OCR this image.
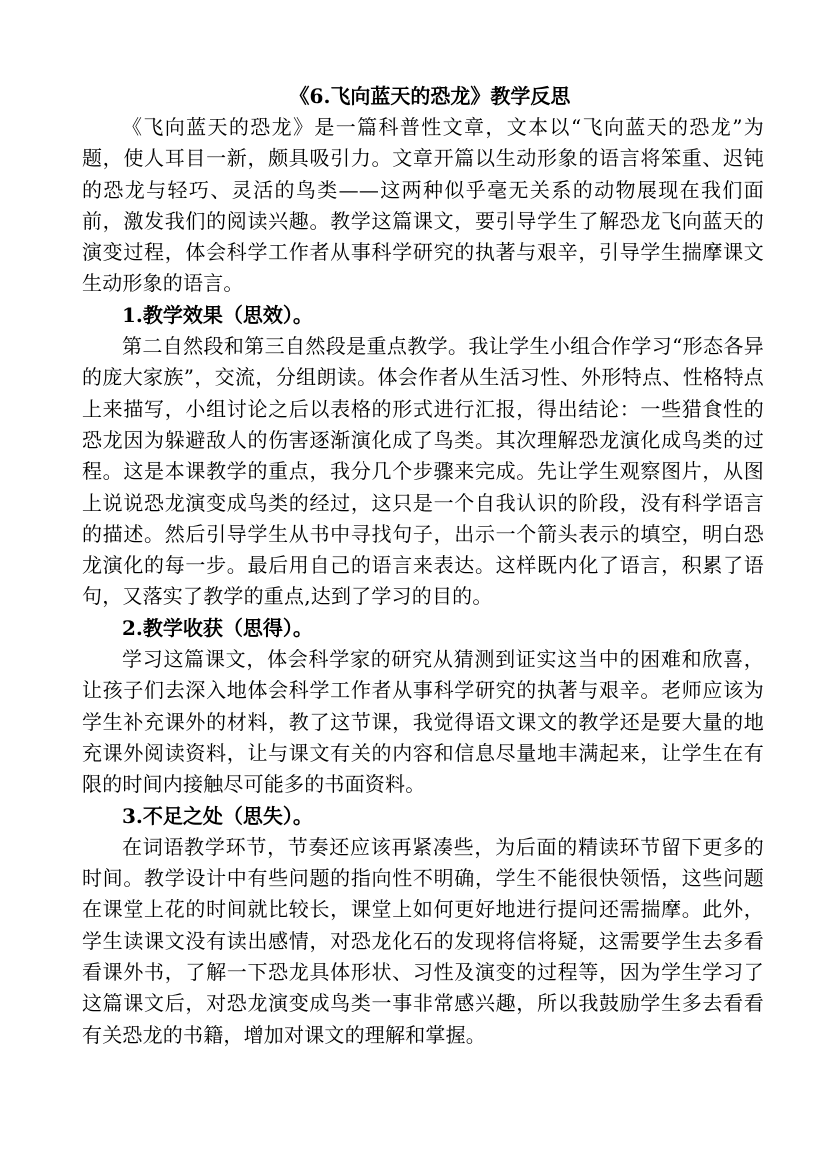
《6.飞向蓝天的恐龙》教学反思

《飞向蓝天的恐龙》是一篇科普性文章，文本以“飞向蓝天的恐龙”为题，使人耳目一新，颇具吸引力。文章开篇以生动形象的语言将笨重、迟钝的恐龙与轻巧、灵活的鸟类——这两种似乎毫无关系的动物展现在我们面前，激发我们的阅读兴趣。教学这篇课文，要引导学生了解恐龙飞向蓝天的演变过程，体会科学工作者从事科学研究的执著与艰辛，引导学生揣摩课文生动形象的语言。

1.教学效果（思效）。

第二自然段和第三自然段是重点教学。我让学生小组合作学习“形态各异的庞大家族”，交流，分组朗读。体会作者从生活习性、外形特点、性格特点上来描写，小组讨论之后以表格的形式进行汇报，得出结论：一些猎食性的恐龙因为躲避敌人的伤害逐渐演化成了鸟类。其次理解恐龙演化成鸟类的过程。这是本课教学的重点，我分几个步骤来完成。先让学生观察图片，从图上说说恐龙演变成鸟类的经过，这只是一个自我认识的阶段，没有科学语言的描述。然后引导学生从书中寻找句子，出示一个箭头表示的填空，明白恐龙演化的每一步。最后用自己的语言来表达。这样既内化了语言，积累了语句，又落实了教学的重点,达到了学习的目的。

2.教学收获（思得）。

学习这篇课文，体会科学家的研究从猜测到证实这当中的困难和欣喜，让孩子们去深入地体会科学工作者从事科学研究的执著与艰辛。老师应该为学生补充课外的材料，教了这节课，我觉得语文课文的教学还是要大量的地充课外阅读资料，让与课文有关的内容和信息尽量地丰满起来，让学生在有限的时间内接触尽可能多的书面资料。

3.不足之处（思失）。

在词语教学环节，节奏还应该再紧凑些，为后面的精读环节留下更多的时间。教学设计中有些问题的指向性不明确，学生不能很快领悟，这些问题在课堂上花的时间就比较长，课堂上如何更好地进行提问还需揣摩。此外，学生读课文没有读出感情，对恐龙化石的发现将信将疑，这需要学生去多看看课外书，了解一下恐龙具体形状、习性及演变的过程等，因为学生学习了这篇课文后，对恐龙演变成鸟类一事非常感兴趣，所以我鼓励学生多去看看有关恐龙的书籍，增加对课文的理解和掌握。
